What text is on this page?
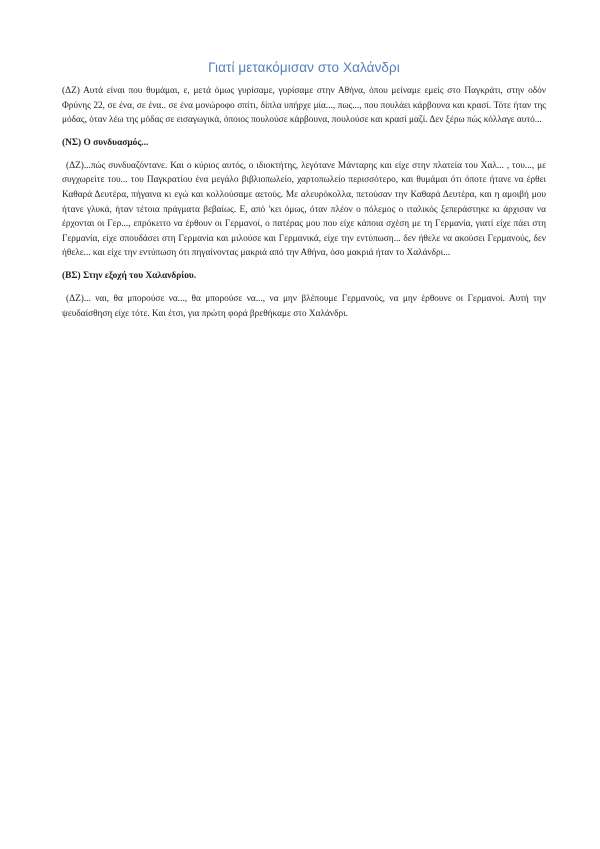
Γιατί μετακόμισαν στο Χαλάνδρι

(ΔΖ) Αυτά είναι που θυμάμαι, ε, μετά όμως γυρίσαμε, γυρίσαμε στην Αθήνα, όπου μείναμε εμείς στο Παγκράτι, στην οδόν Φρύνης 22, σε ένα, σε ένα.. σε ένα μονώροφο σπίτι, δίπλα υπήρχε μία..., πως..., που πουλάει κάρβουνα και κρασί. Τότε ήταν της μόδας, όταν λέω της μόδας σε εισαγωγικά, όποιος πουλούσε κάρβουνα, πουλούσε και κρασί μαζί. Δεν ξέρω πώς κόλλαγε αυτό...

(ΝΣ) Ο συνδυασμός...

(ΔΖ)...πώς συνδυαζόντανε. Και ο κύριος αυτός, ο ιδιοκτήτης, λεγότανε Μάνταρης και είχε στην πλατεία του Χαλ... , του..., με συγχωρείτε του... του Παγκρατίου ένα μεγάλο βιβλιοπωλείο, χαρτοπωλείο περισσότερο, και θυμάμαι ότι όποτε ήτανε να έρθει Καθαρά Δευτέρα, πήγαινα κι εγώ και κολλούσαμε αετούς. Με αλευρόκολλα, πετούσαν την Καθαρά Δευτέρα, και η αμοιβή μου ήτανε γλυκά, ήταν τέτοια πράγματα βεβαίως. Ε, από 'κει όμως, όταν πλέον ο πόλεμος ο ιταλικός ξεπεράστηκε κι άρχισαν να έρχονται οι Γερ..., επρόκειτο να έρθουν οι Γερμανοί, ο πατέρας μου που είχε κάποια σχέση με τη Γερμανία, γιατί είχε πάει στη Γερμανία, είχε σπουδάσει στη Γερμανία και μιλούσε και Γερμανικά, είχε την εντύπωση... δεν ήθελε να ακούσει Γερμανούς, δεν ήθελε... και είχε την εντύπωση ότι πηγαίνοντας μακριά από την Αθήνα, όσο μακριά ήταν το Χαλάνδρι...

(ΒΣ) Στην εξοχή του Χαλανδρίου.

(ΔΖ)... ναι, θα μπορούσε να..., θα μπορούσε να..., να μην βλέπουμε Γερμανούς, να μην έρθουνε οι Γερμανοί. Αυτή την ψευδαίσθηση είχε τότε. Και έτσι, για πρώτη φορά βρεθήκαμε στο Χαλάνδρι.
